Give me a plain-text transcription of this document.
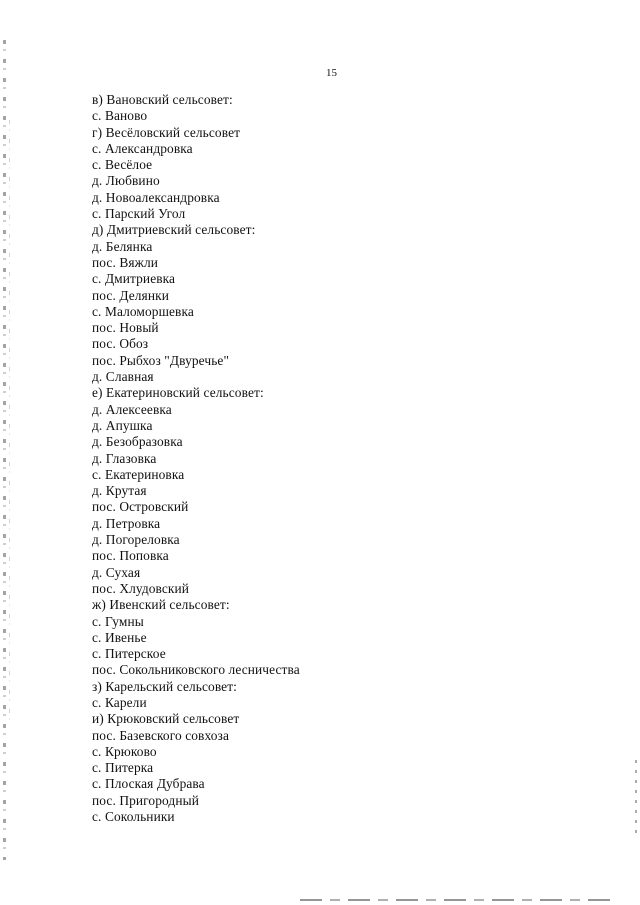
15
в) Вановский сельсовет:
с. Ваново
г) Весёловский сельсовет
с. Александровка
с. Весёлое
д. Любвино
д. Новоалександровка
с. Парский Угол
д) Дмитриевский сельсовет:
д. Белянка
пос. Вяжли
с. Дмитриевка
пос. Делянки
с. Маломоршевка
пос. Новый
пос. Обоз
пос. Рыбхоз "Двуречье"
д. Славная
е) Екатериновский сельсовет:
д. Алексеевка
д. Апушка
д. Безобразовка
д. Глазовка
с. Екатериновка
д. Крутая
пос. Островский
д. Петровка
д. Погореловка
пос. Поповка
д. Сухая
пос. Хлудовский
ж) Ивенский сельсовет:
с. Гумны
с. Ивенье
с. Питерское
пос. Сокольниковского лесничества
з) Карельский сельсовет:
с. Карели
и) Крюковский сельсовет
пос. Базевского совхоза
с. Крюково
с. Питерка
с. Плоская Дубрава
пос. Пригородный
с. Сокольники
